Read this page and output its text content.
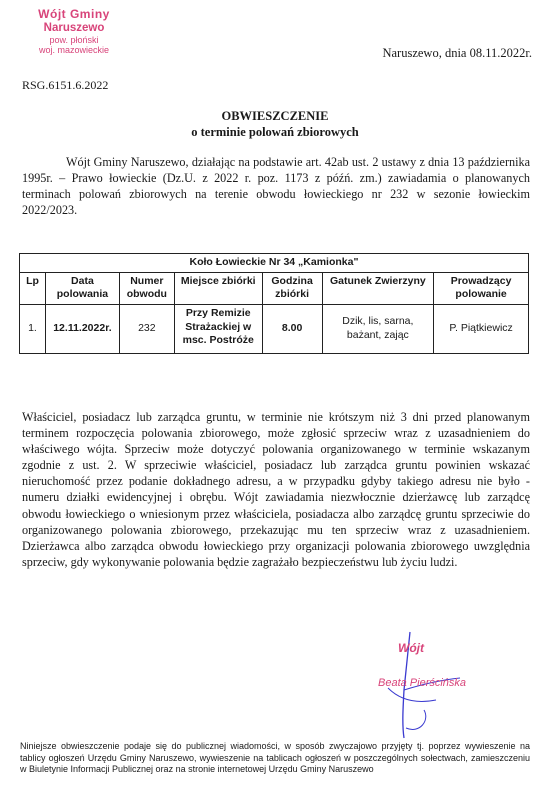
Wójt Gminy
Naruszewo
pow. płoński
woj. mazowieckie	Naruszewo, dnia 08.11.2022r.
RSG.6151.6.2022
OBWIESZCZENIE
o terminie polowań zbiorowych
Wójt Gminy Naruszewo, działając na podstawie art. 42ab ust. 2 ustawy z dnia 13 października 1995r. – Prawo łowieckie (Dz.U. z 2022 r. poz. 1173 z późń. zm.) zawiadamia o planowanych terminach polowań zbiorowych na terenie obwodu łowieckiego nr 232 w sezonie łowieckim 2022/2023.
Koło Łowieckie Nr 34 „Kamionka"						
Lp	Data polowania	Numer obwodu	Miejsce zbiórki	Godzina zbiórki	Gatunek Zwierzyny	Prowadzący polowanie
1.	12.11.2022r.	232	Przy Remizie Strażackiej w msc. Postróże	8.00	Dzik, lis, sarna, bażant, zając	P. Piątkiewicz
Właściciel, posiadacz lub zarządca gruntu, w terminie nie krótszym niż 3 dni przed planowanym terminem rozpoczęcia polowania zbiorowego, może zgłosić sprzeciw wraz z uzasadnieniem do właściwego wójta. Sprzeciw może dotyczyć polowania organizowanego w terminie wskazanym zgodnie z ust. 2. W sprzeciwie właściciel, posiadacz lub zarządca gruntu powinien wskazać nieruchomość przez podanie dokładnego adresu, a w przypadku gdyby takiego adresu nie było - numeru działki ewidencyjnej i obrębu. Wójt zawiadamia niezwłocznie dzierżawcę lub zarządcę obwodu łowieckiego o wniesionym przez właściciela, posiadacza albo zarządcę gruntu sprzeciwie do organizowanego polowania zbiorowego, przekazując mu ten sprzeciw wraz z uzasadnieniem. Dzierżawca albo zarządca obwodu łowieckiego przy organizacji polowania zbiorowego uwzględnia sprzeciw, gdy wykonywanie polowania będzie zagrażało bezpieczeństwu lub życiu ludzi.
Wójt
Beata Pierścińska
Niniejsze obwieszczenie podaje się do publicznej wiadomości, w sposób zwyczajowo przyjęty tj. poprzez wywieszenie na tablicy ogłoszeń Urzędu Gminy Naruszewo, wywieszenie na tablicach ogłoszeń w poszczególnych sołectwach, zamieszczeniu w Biuletynie Informacji Publicznej oraz na stronie internetowej Urzędu Gminy Naruszewo
